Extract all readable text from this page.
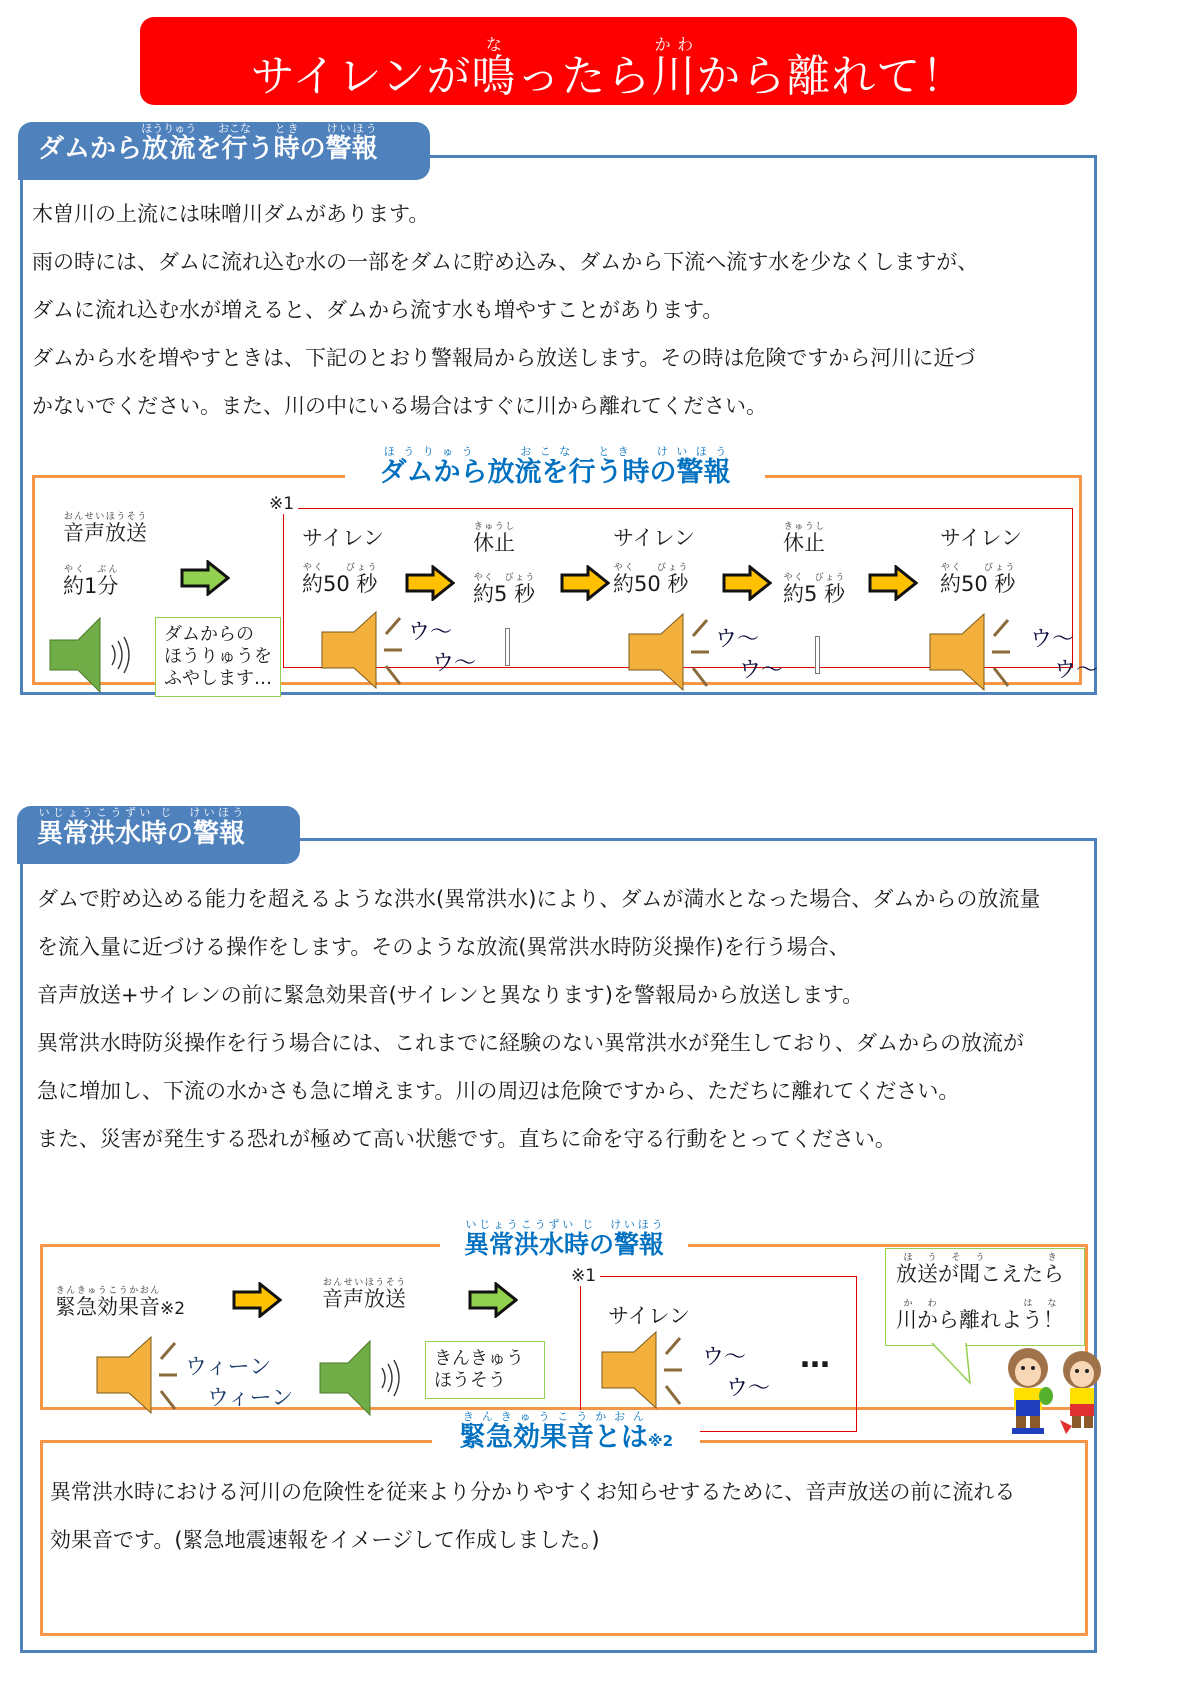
サイレンが鳴なったら川かわから離れて！
ダムから放流ほうりゅうを行おこなう時ときの警報けいほう
木曽川の上流には味噌川ダムがあります。
雨の時には、ダムに流れ込む水の一部をダムに貯め込み、ダムから下流へ流す水を少なくしますが、
ダムに流れ込む水が増えると、ダムから流す水も増やすことがあります。
ダムから水を増やすときは、下記のとおり警報局から放送します。その時は危険ですから河川に近づ
かないでください。また、川の中にいる場合はすぐに川から離れてください。
ダムから放流を行う時の警報ほうりゅう　　	おこな　 とき　 けいほう
※1
音声放送おんせいほうそう
約1分やく　ぶん
ダムからの
ほうりゅうを
ふやします…
サイレン
約50 秒やく　　びょう
ウ〜
ウ〜
休止きゅうし
約5 秒やく　びょう
サイレン
約50 秒やく　　びょう
ウ〜
ウ〜
休止きゅうし
約5 秒やく　びょう
サイレン
約50 秒やく　　びょう
ウ〜
ウ〜
異常洪水時の警報いじょうこうずい じ　 けいほう
ダムで貯め込める能力を超えるような洪水(異常洪水)により、ダムが満水となった場合、ダムからの放流量
を流入量に近づける操作をします。そのような放流(異常洪水時防災操作)を行う場合、
音声放送+サイレンの前に緊急効果音(サイレンと異なります)を警報局から放送します。
異常洪水時防災操作を行う場合には、これまでに経験のない異常洪水が発生しており、ダムからの放流が
急に増加し、下流の水かさも急に増えます。川の周辺は危険ですから、ただちに離れてください。
また、災害が発生する恐れが極めて高い状態です。直ちに命を守る行動をとってください。
異常洪水時の警報いじょうこうずい じ　 けいほう
緊急効果音きんきゅうこうかおん※2
ウィーン
ウィーン
音声放送おんせいほうそう
きんきゅう
ほうそう
※1
サイレン
ウ〜
ウ〜
…
放送が聞こえたらほうそう　　き
川から離れよう！かわ　　　はな
緊急効果音とはきんきゅうこうかおん※2
異常洪水時における河川の危険性を従来より分かりやすくお知らせするために、音声放送の前に流れる
効果音です。(緊急地震速報をイメージして作成しました。)
